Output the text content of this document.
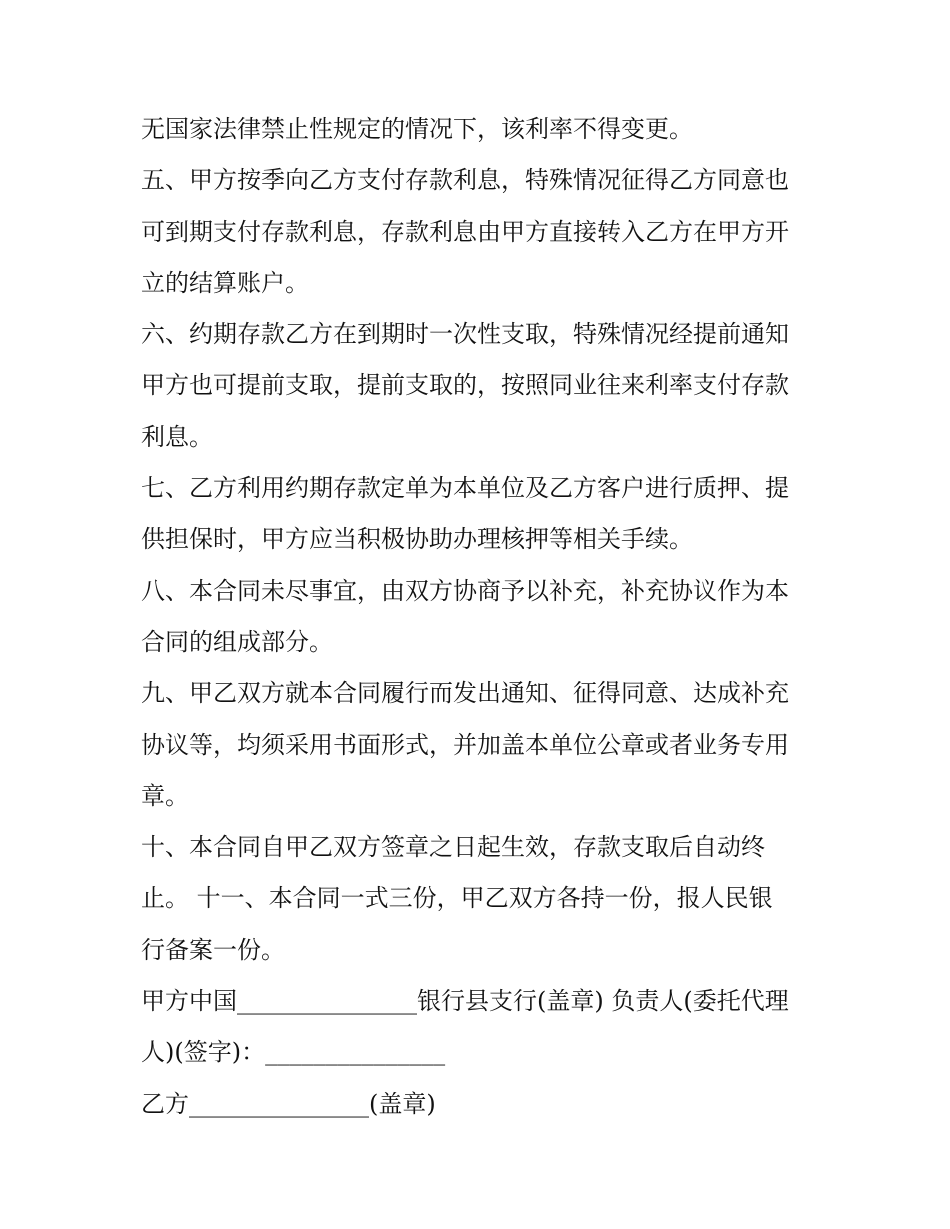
无国家法律禁止性规定的情况下，该利率不得变更。

五、甲方按季向乙方支付存款利息，特殊情况征得乙方同意也

可到期支付存款利息，存款利息由甲方直接转入乙方在甲方开

立的结算账户。

六、约期存款乙方在到期时一次性支取，特殊情况经提前通知

甲方也可提前支取，提前支取的，按照同业往来利率支付存款

利息。

七、乙方利用约期存款定单为本单位及乙方客户进行质押、提

供担保时，甲方应当积极协助办理核押等相关手续。

八、本合同未尽事宜，由双方协商予以补充，补充协议作为本

合同的组成部分。

九、甲乙双方就本合同履行而发出通知、征得同意、达成补充

协议等，均须采用书面形式，并加盖本单位公章或者业务专用

章。

十、本合同自甲乙双方签章之日起生效，存款支取后自动终

止。 十一、本合同一式三份，甲乙双方各持一份，报人民银

行备案一份。

甲方中国_______________银行县支行(盖章) 负责人(委托代理

人)(签字)：_______________

乙方_______________(盖章)
